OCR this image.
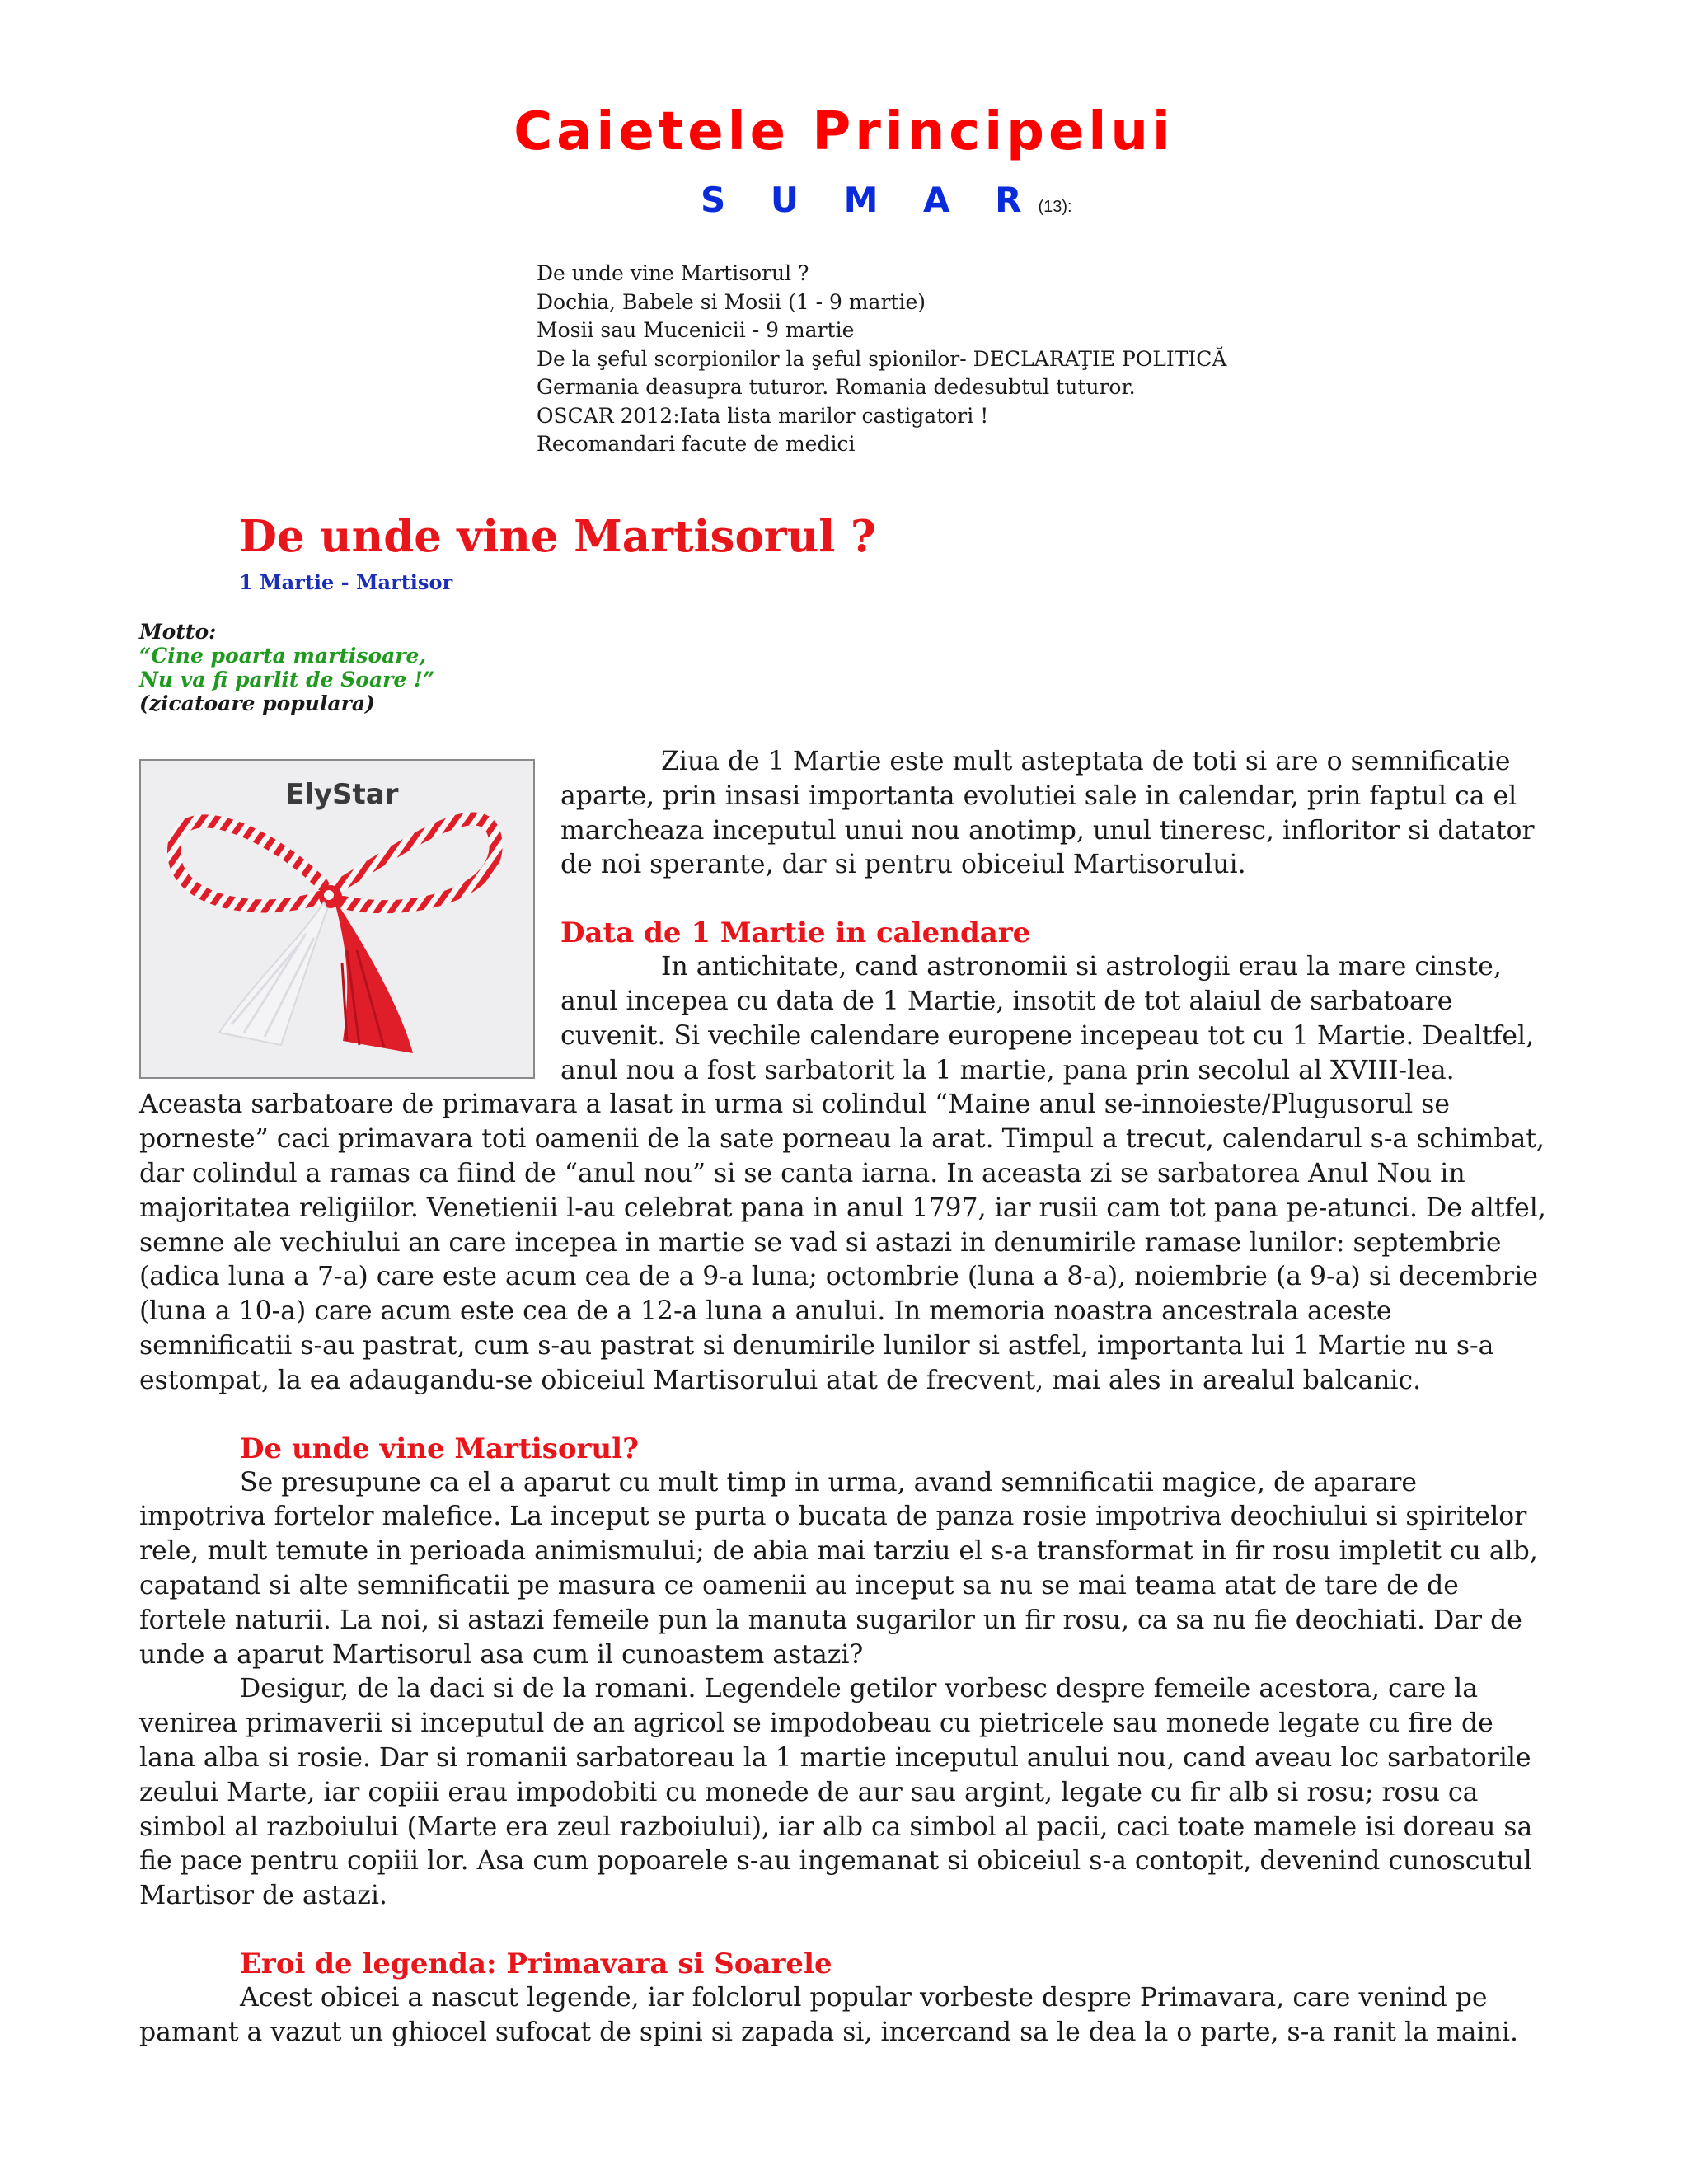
Caietele Principelui
S U M A R(13):
De unde vine Martisorul ?
Dochia, Babele si Mosii (1 - 9 martie)
Mosii sau Mucenicii - 9 martie
De la şeful scorpionilor la şeful spionilor- DECLARAŢIE POLITICĂ
Germania deasupra tuturor. Romania dedesubtul tuturor.
OSCAR 2012:Iata lista marilor castigatori !
Recomandari facute de medici
De unde vine Martisorul ?
1 Martie - Martisor
Motto:
“Cine poarta martisoare,
Nu va fi parlit de Soare !”
(zicatoare populara)
ElyStar

Ziua de 1 Martie este mult asteptata de toti si are o semnificatie aparte, prin insasi importanta evolutiei sale in calendar, prin faptul ca el marcheaza inceputul unui nou anotimp, unul tineresc, infloritor si datator de noi sperante, dar si pentru obiceiul Martisorului.

Data de 1 Martie in calendare

In antichitate, cand astronomii si astrologii erau la mare cinste, anul incepea cu data de 1 Martie, insotit de tot alaiul de sarbatoare cuvenit. Si vechile calendare europene incepeau tot cu 1 Martie. Dealtfel, anul nou a fost sarbatorit la 1 martie, pana prin secolul al XVIII-lea. Aceasta sarbatoare de primavara a lasat in urma si colindul “Maine anul se-innoieste/Plugusorul se porneste” caci primavara toti oamenii de la sate porneau la arat. Timpul a trecut, calendarul s-a schimbat, dar colindul a ramas ca fiind de “anul nou” si se canta iarna. In aceasta zi se sarbatorea Anul Nou in majoritatea religiilor. Venetienii l-au celebrat pana in anul 1797, iar rusii cam tot pana pe-atunci. De altfel, semne ale vechiului an care incepea in martie se vad si astazi in denumirile ramase lunilor: septembrie (adica luna a 7-a) care este acum cea de a 9-a luna; octombrie (luna a 8-a), noiembrie (a 9-a) si decembrie (luna a 10-a) care acum este cea de a 12-a luna a anului. In memoria noastra ancestrala aceste semnificatii s-au pastrat, cum s-au pastrat si denumirile lunilor si astfel, importanta lui 1 Martie nu s-a estompat, la ea adaugandu-se obiceiul Martisorului atat de frecvent, mai ales in arealul balcanic.

De unde vine Martisorul?

Se presupune ca el a aparut cu mult timp in urma, avand semnificatii magice, de aparare impotriva fortelor malefice. La inceput se purta o bucata de panza rosie impotriva deochiului si spiritelor rele, mult temute in perioada animismului; de abia mai tarziu el s-a transformat in fir rosu impletit cu alb, capatand si alte semnificatii pe masura ce oamenii au inceput sa nu se mai teama atat de tare de de fortele naturii. La noi, si astazi femeile pun la manuta sugarilor un fir rosu, ca sa nu fie deochiati. Dar de unde a aparut Martisorul asa cum il cunoastem astazi?

Desigur, de la daci si de la romani. Legendele getilor vorbesc despre femeile acestora, care la venirea primaverii si inceputul de an agricol se impodobeau cu pietricele sau monede legate cu fire de lana alba si rosie. Dar si romanii sarbatoreau la 1 martie inceputul anului nou, cand aveau loc sarbatorile zeului Marte, iar copiii erau impodobiti cu monede de aur sau argint, legate cu fir alb si rosu; rosu ca simbol al razboiului (Marte era zeul razboiului), iar alb ca simbol al pacii, caci toate mamele isi doreau sa fie pace pentru copiii lor. Asa cum popoarele s-au ingemanat si obiceiul s-a contopit, devenind cunoscutul Martisor de astazi.

Eroi de legenda: Primavara si Soarele

Acest obicei a nascut legende, iar folclorul popular vorbeste despre Primavara, care venind pe pamant a vazut un ghiocel sufocat de spini si zapada si, incercand sa le dea la o parte, s-a ranit la maini.
